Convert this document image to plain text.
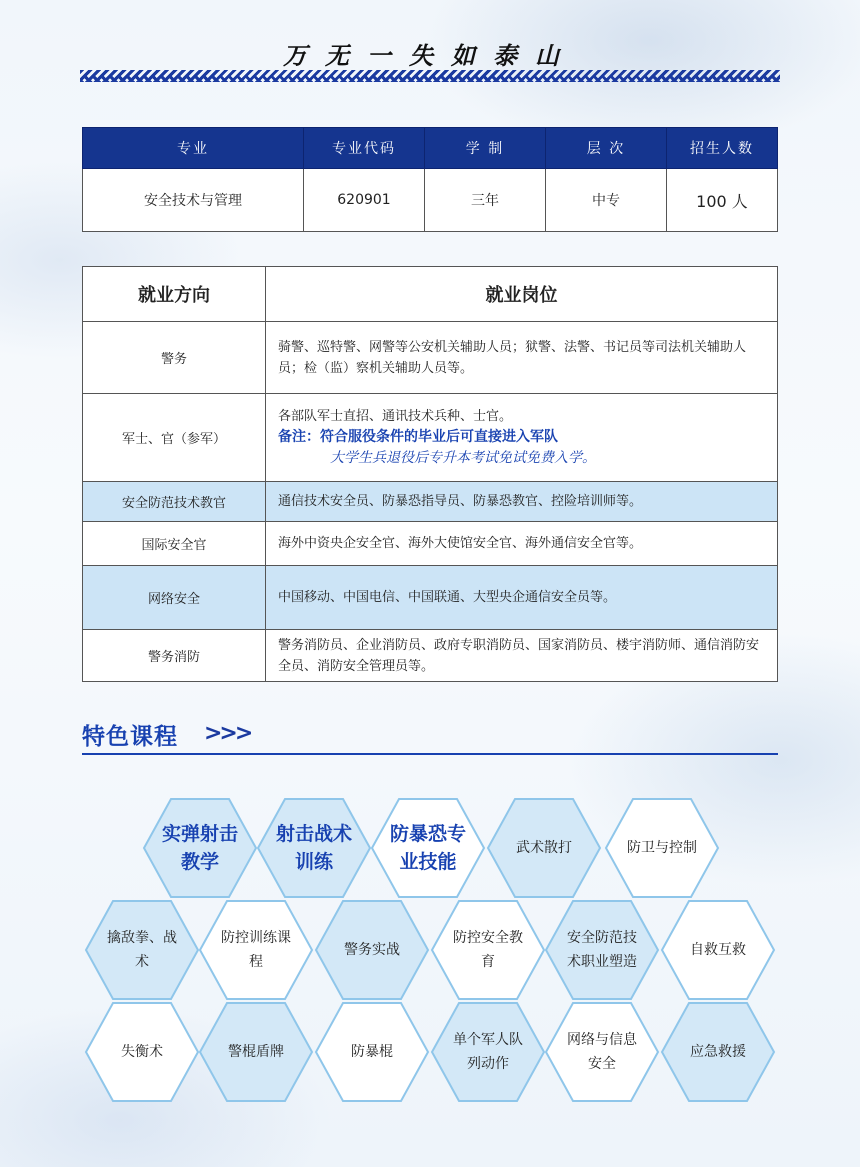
万无一失如泰山
专业	专业代码	学 制	层 次	招生人数
安全技术与管理	620901	三年	中专	100 人
就业方向	就业岗位
警务	骑警、巡特警、网警等公安机关辅助人员；狱警、法警、书记员等司法机关辅助人员；检（监）察机关辅助人员等。
军士、官（参军）	各部队军士直招、通讯技术兵种、士官。
备注：符合服役条件的毕业后可直接进入军队
大学生兵退役后专升本考试免试免费入学。

安全防范技术教官	通信技术安全员、防暴恐指导员、防暴恐教官、控险培训师等。
国际安全官	海外中资央企安全官、海外大使馆安全官、海外通信安全官等。
网络安全	中国移动、中国电信、中国联通、大型央企通信安全员等。
警务消防	警务消防员、企业消防员、政府专职消防员、国家消防员、楼宇消防师、通信消防安全员、消防安全管理员等。
特色课程 >>>
实弹射击教学
射击战术训练
防暴恐专业技能
武术散打	防卫与控制
擒敌拳、战术
防控训练课程
警务实战
防控安全教育
安全防范技术职业塑造
自救互救
失衡术	警棍盾牌	防暴棍
单个军人队列动作
网络与信息安全
应急救援
